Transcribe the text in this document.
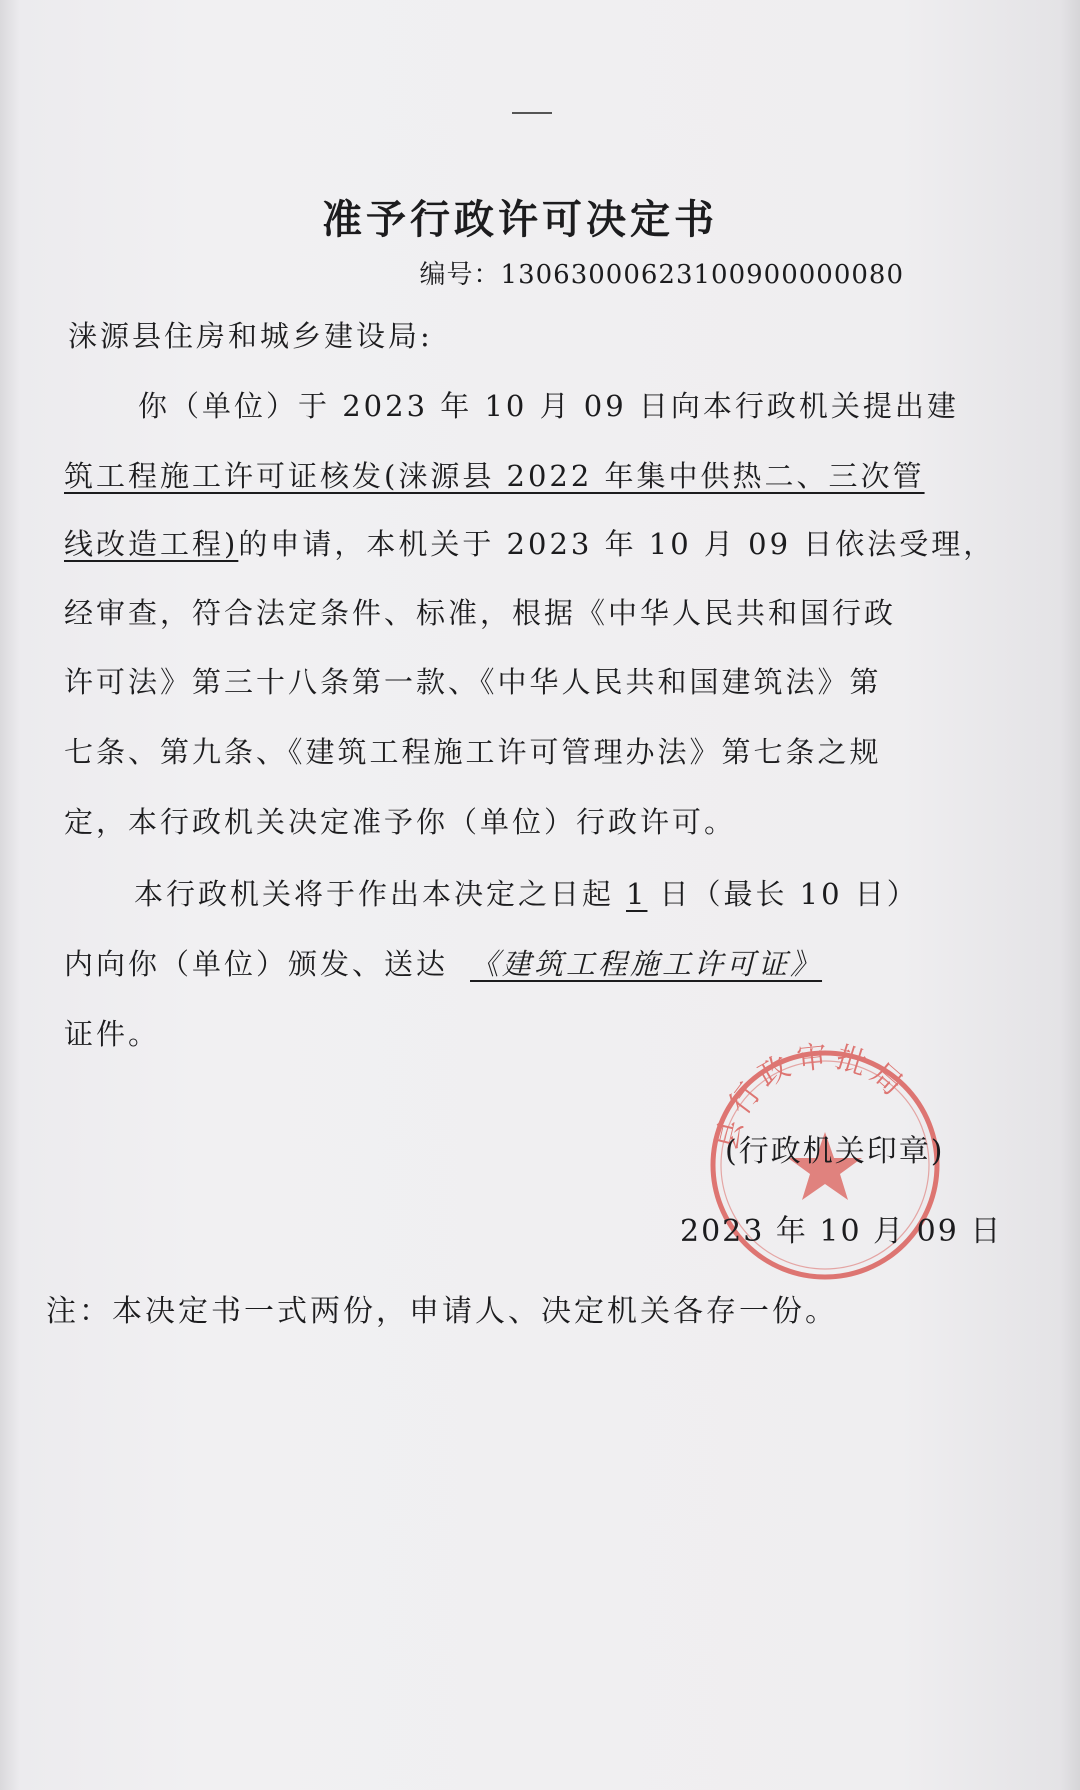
准予行政许可决定书
编号：13063000623100900000080
涞源县住房和城乡建设局:
你（单位）于 2023 年 10 月 09 日向本行政机关提出建
筑工程施工许可证核发(涞源县 2022 年集中供热二、三次管
线改造工程)的申请，本机关于 2023 年 10 月 09 日依法受理，
经审查，符合法定条件、标准，根据《中华人民共和国行政
许可法》第三十八条第一款、《中华人民共和国建筑法》第
七条、第九条、《建筑工程施工许可管理办法》第七条之规
定，本行政机关决定准予你（单位）行政许可。
本行政机关将于作出本决定之日起 1 日（最长 10 日）
内向你（单位）颁发、送达 《建筑工程施工许可证》
证件。
县行政审批局
(行政机关印章)
2023 年 10 月 09 日
注：本决定书一式两份，申请人、决定机关各存一份。
